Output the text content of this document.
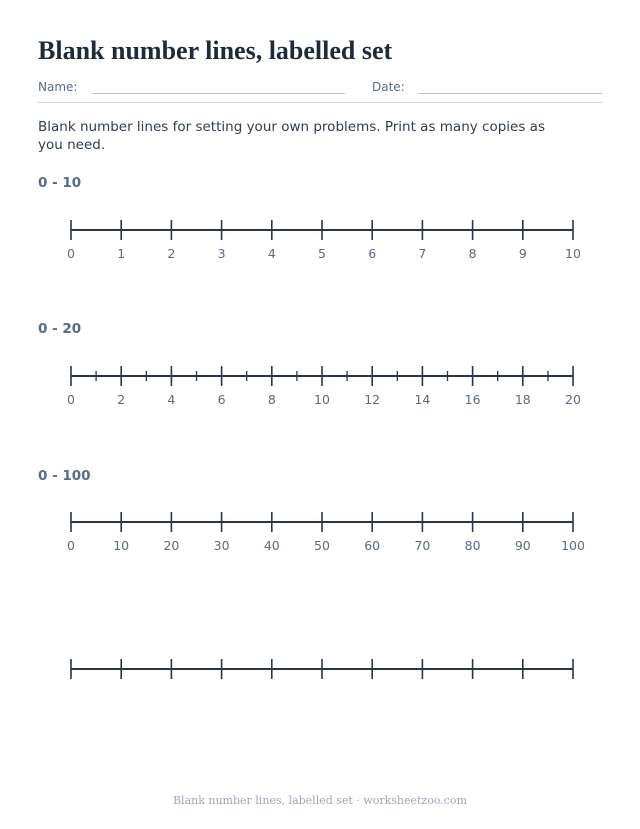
Blank number lines, labelled set
Name:	Date:

Blank number lines for setting your own problems. Print as many copies as you need.

0 - 10
0	1	2	3	4	5	6	7	8	9	10
0 - 20
0	2	4	6	8	10	12	14	16	18	20
0 - 100
0	10	20	30	40	50	60	70	80	90 100
Blank number lines, labelled set · worksheetzoo.com
